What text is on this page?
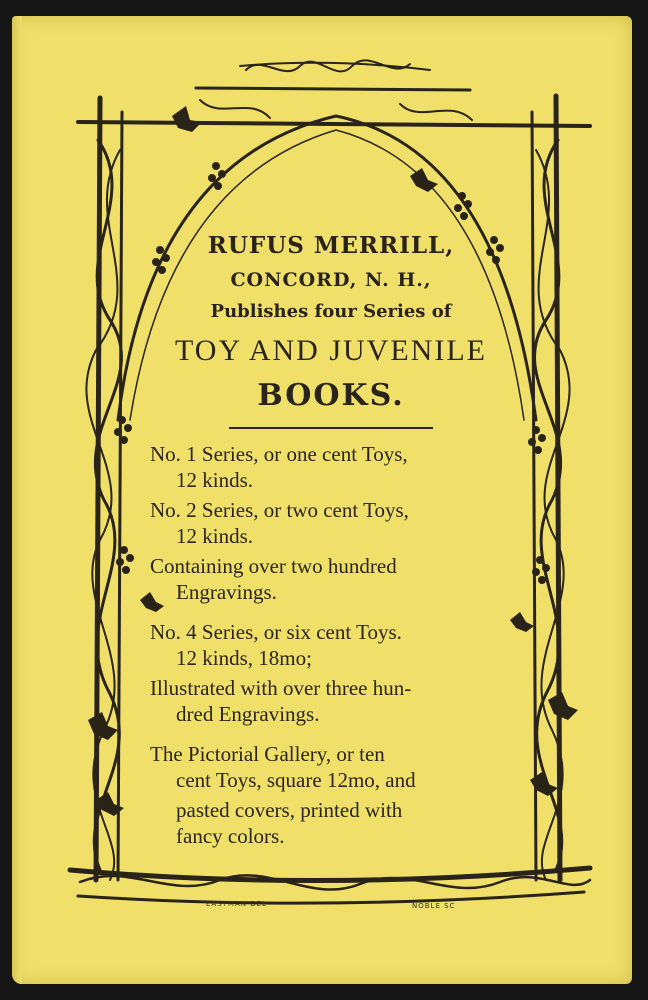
RUFUS MERRILL,
CONCORD, N. H.,
Publishes four Series of
TOY AND JUVENILE
BOOKS.
No. 1 Series, or one cent Toys,
12 kinds.
No. 2 Series, or two cent Toys,
12 kinds.
Containing over two hundred
Engravings.
No. 4 Series, or six cent Toys.
12 kinds, 18mo;
Illustrated with over three hun-
dred Engravings.
The Pictorial Gallery, or ten
cent Toys, square 12mo, and
pasted covers, printed with
fancy colors.
EASTMAN DEL	NOBLE SC
